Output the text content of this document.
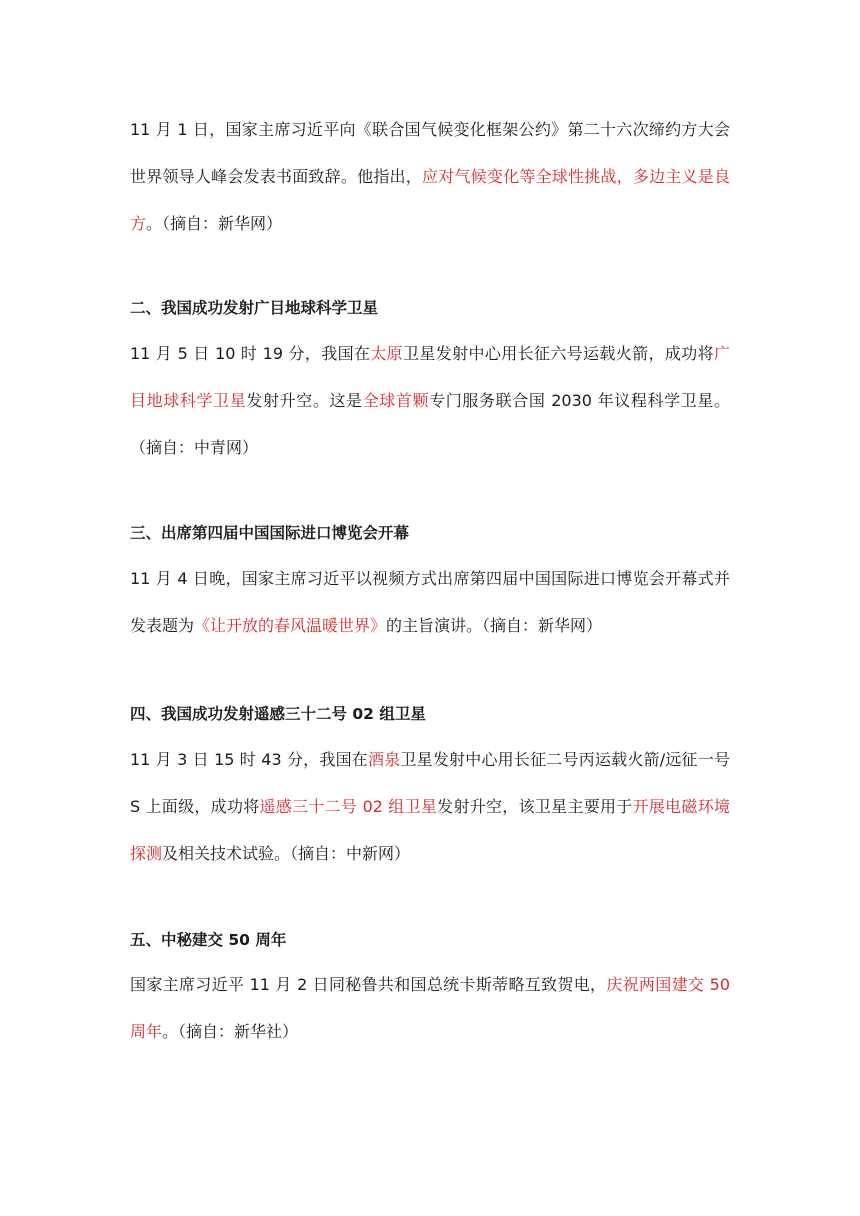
11 月 1 日，国家主席习近平向《联合国气候变化框架公约》第二十六次缔约方大会世界领导人峰会发表书面致辞。他指出，应对气候变化等全球性挑战，多边主义是良方。（摘自：新华网）

二、我国成功发射广目地球科学卫星

11 月 5 日 10 时 19 分，我国在太原卫星发射中心用长征六号运载火箭，成功将广目地球科学卫星发射升空。这是全球首颗专门服务联合国 2030 年议程科学卫星。（摘自：中青网）

三、出席第四届中国国际进口博览会开幕

11 月 4 日晚，国家主席习近平以视频方式出席第四届中国国际进口博览会开幕式并发表题为《让开放的春风温暖世界》的主旨演讲。（摘自：新华网）

四、我国成功发射遥感三十二号 02 组卫星

11 月 3 日 15 时 43 分，我国在酒泉卫星发射中心用长征二号丙运载火箭/远征一号 S 上面级，成功将遥感三十二号 02 组卫星发射升空，该卫星主要用于开展电磁环境探测及相关技术试验。（摘自：中新网）

五、中秘建交 50 周年

国家主席习近平 11 月 2 日同秘鲁共和国总统卡斯蒂略互致贺电，庆祝两国建交 50 周年。（摘自：新华社）
